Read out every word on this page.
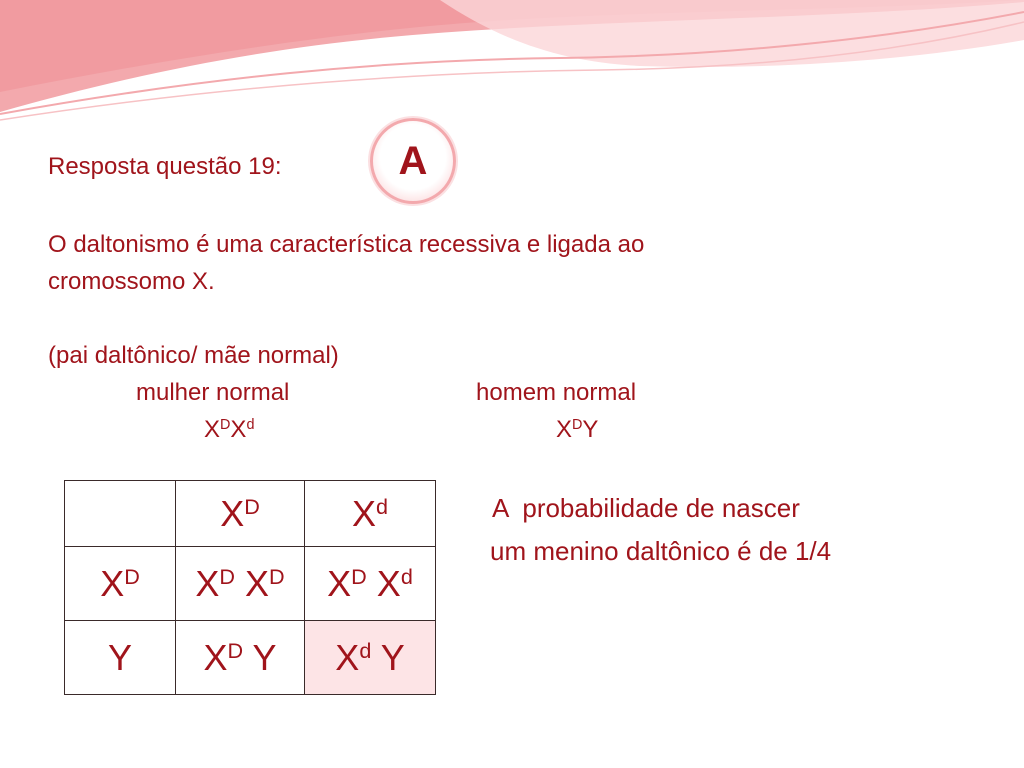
Resposta questão 19:	A
O daltonismo é uma característica recessiva e ligada ao
cromossomo X.
(pai daltônico/ mãe normal)
mulher normal
$X^DX^d$
homem normal
$X^DY$
	$X^D$	$X^d$
$X^D$	$X^D$ $X^D$	$X^D$ $X^d$
Y	$X^D$ Y	$X^d$ Y
A  probabilidade de nascer
um menino daltônico é de 1/4
